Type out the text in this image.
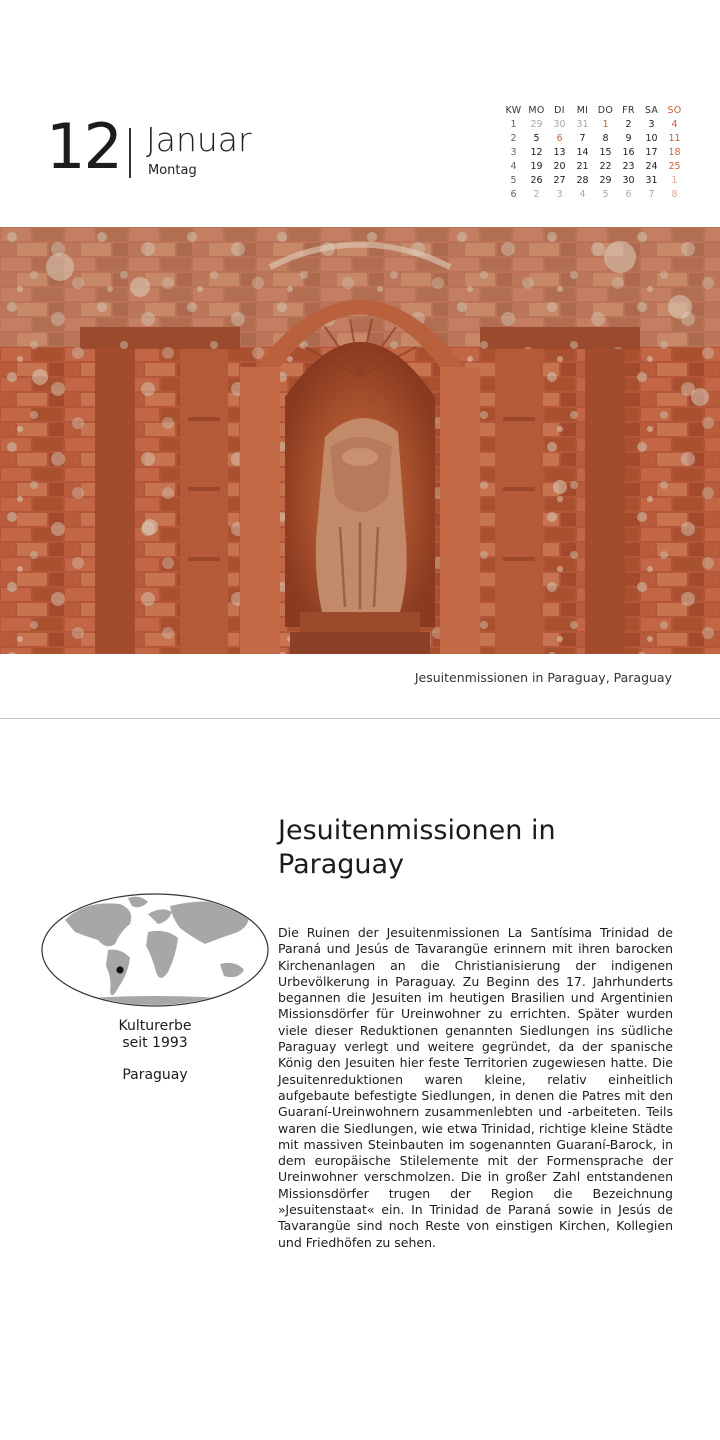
12 Januar
Montag
KW	MO	DI	MI	DO	FR	SA	SO
1	29	30	31	1	2	3	4
2	5	6	7	8	9	10	11
3	12	13	14	15	16	17	18
4	19	20	21	22	23	24	25
5	26	27	28	29	30	31	1
6	2	3	4	5	6	7	8
Jesuitenmissionen in Paraguay, Paraguay
Jesuitenmissionen in Paraguay
Kulturerbe
seit 1993
Paraguay

Die Ruinen der Jesuitenmissionen La Santísima Trinidad de Paraná und Jesús de Tavarangüe erinnern mit ihren barocken Kirchenanlagen an die Christianisierung der indigenen Urbevölkerung in Paraguay. Zu Beginn des 17. Jahrhunderts begannen die Jesuiten im heutigen Brasilien und Argentinien Missionsdörfer für Ureinwohner zu errichten. Später wurden viele dieser Reduktionen genannten Siedlungen ins südliche Paraguay verlegt und weitere gegründet, da der spanische König den Jesuiten hier feste Territorien zugewiesen hatte. Die Jesuitenreduktionen waren kleine, relativ einheitlich aufgebaute befestigte Siedlungen, in denen die Patres mit den Guaraní-Ureinwohnern zusammenlebten und -arbeiteten. Teils waren die Siedlungen, wie etwa Trinidad, richtige kleine Städte mit massiven Steinbauten im sogenannten Guaraní-Barock, in dem europäische Stilelemente mit der Formensprache der Ureinwohner verschmolzen. Die in großer Zahl entstandenen Missionsdörfer trugen der Region die Bezeichnung »Jesuitenstaat« ein. In Trinidad de Paraná sowie in Jesús de Tavarangüe sind noch Reste von einstigen Kirchen, Kollegien und Friedhöfen zu sehen.
